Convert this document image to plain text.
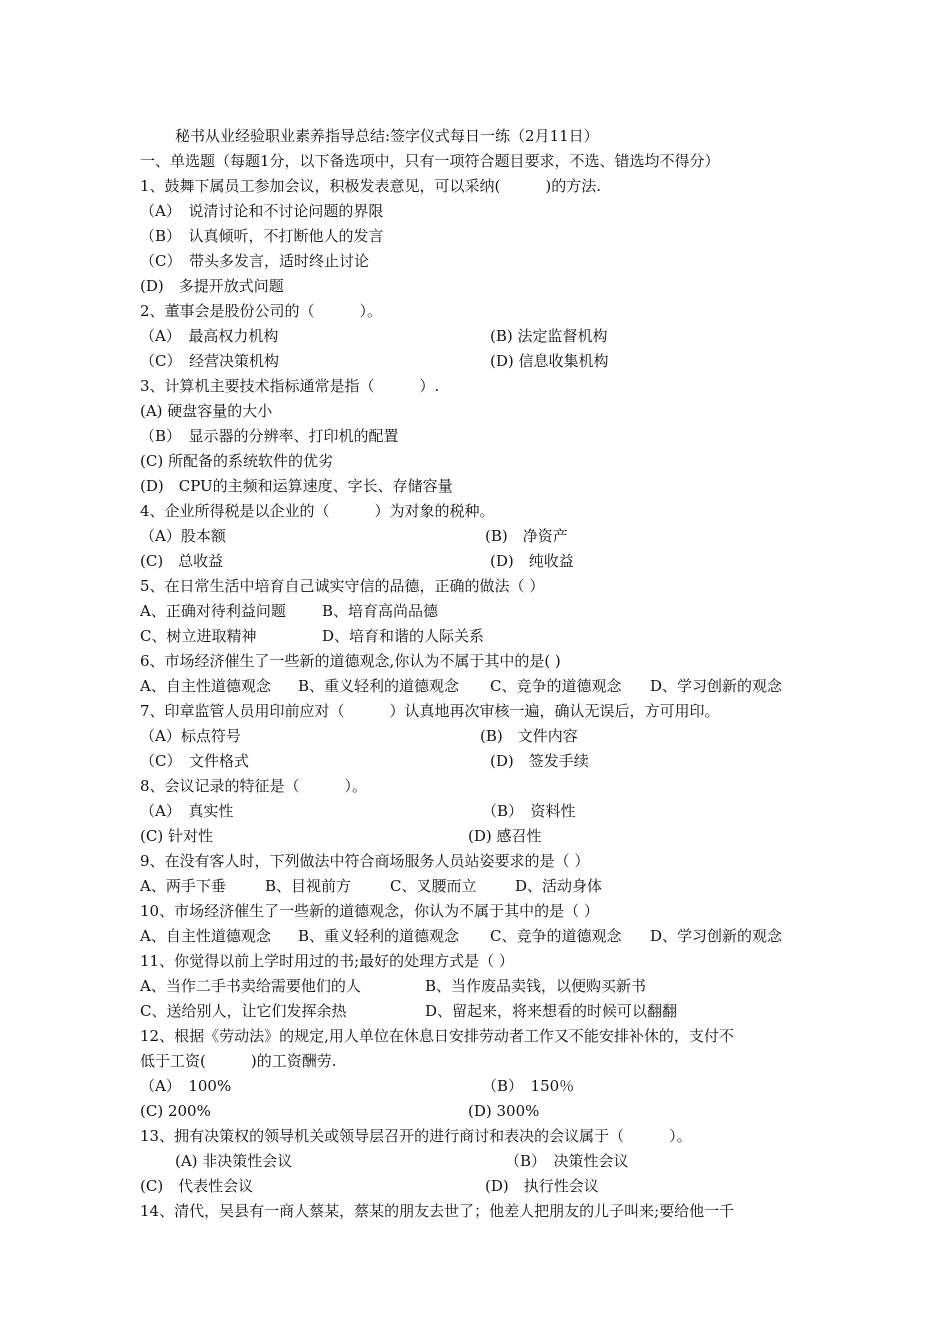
秘书从业经验职业素养指导总结:签字仪式每日一练（2月11日）
一、单选题（每题1分，以下备选项中，只有一项符合题目要求，不选、错选均不得分）
1、鼓舞下属员工参加会议，积极发表意见，可以采纳(　　　)的方法.
（A）　说清讨论和不讨论问题的界限
（B）　认真倾听，不打断他人的发言
（C）　带头多发言，适时终止讨论
(D)　多提开放式问题
2、董事会是股份公司的（　　　）。
（A）　最高权力机构	(B) 法定监督机构
（C）　经营决策机构	(D) 信息收集机构
3、计算机主要技术指标通常是指（　　　）.
(A) 硬盘容量的大小
（B）　显示器的分辨率、打印机的配置
(C) 所配备的系统软件的优劣
(D)　CPU的主频和运算速度、字长、存储容量
4、企业所得税是以企业的（　　　）为对象的税种。
（A）股本额	(B)　净资产
(C)　总收益	(D)　纯收益
5、在日常生活中培育自己诚实守信的品德，正确的做法（ ）
A、正确对待利益问题 B、培育高尚品德
C、树立进取精神	D、培育和谐的人际关系
6、市场经济催生了一些新的道德观念,你认为不属于其中的是( )
A、自主性道德观念 B、重义轻利的道德观念 C、竞争的道德观念 D、学习创新的观念
7、印章监管人员用印前应对（　　　）认真地再次审核一遍，确认无误后，方可用印。
（A）标点符号	(B)　文件内容
（C）　文件格式	(D)　签发手续
8、会议记录的特征是（　　　）。
（A）　真实性	（B）　资料性
(C) 针对性	(D) 感召性
9、在没有客人时，下列做法中符合商场服务人员站姿要求的是（ ）
A、两手下垂	B、目视前方	C、叉腰而立	D、活动身体
10、市场经济催生了一些新的道德观念，你认为不属于其中的是（ ）
A、自主性道德观念 B、重义轻利的道德观念 C、竞争的道德观念 D、学习创新的观念
11、你觉得以前上学时用过的书;最好的处理方式是（ ）
A、当作二手书卖给需要他们的人	B、当作废品卖钱，以便购买新书
C、送给别人，让它们发挥余热	D、留起来，将来想看的时候可以翻翻
12、根据《劳动法》的规定,用人单位在休息日安排劳动者工作又不能安排补休的，支付不
低于工资(　　　)的工资酬劳.
（A）　100%	（B）　150％
(C) 200%	(D) 300%
13、拥有决策权的领导机关或领导层召开的进行商讨和表决的会议属于（　　　）。
(A) 非决策性会议	（B）　决策性会议
(C)　代表性会议	(D)　执行性会议
14、清代，吴县有一商人蔡某，蔡某的朋友去世了；他差人把朋友的儿子叫来;要给他一千
